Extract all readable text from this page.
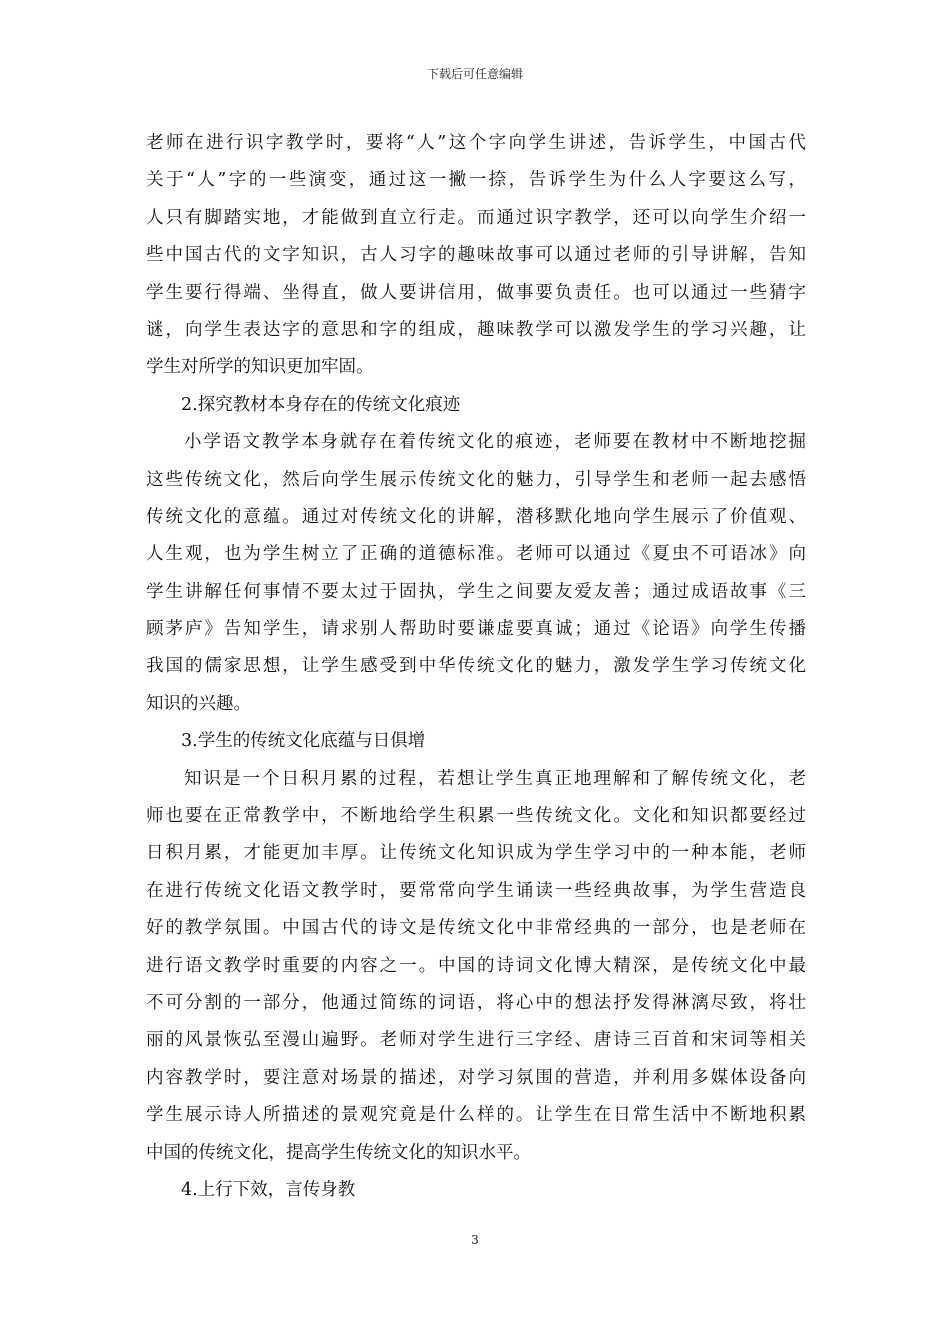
下载后可任意编辑
老师在进行识字教学时，要将“人”这个字向学生讲述，告诉学生，中国古代
关于“人”字的一些演变，通过这一撇一捺，告诉学生为什么人字要这么写，
人只有脚踏实地，才能做到直立行走。而通过识字教学，还可以向学生介绍一
些中国古代的文字知识，古人习字的趣味故事可以通过老师的引导讲解，告知
学生要行得端、坐得直，做人要讲信用，做事要负责任。也可以通过一些猜字
谜，向学生表达字的意思和字的组成，趣味教学可以激发学生的学习兴趣，让
学生对所学的知识更加牢固。
2.探究教材本身存在的传统文化痕迹
小学语文教学本身就存在着传统文化的痕迹，老师要在教材中不断地挖掘
这些传统文化，然后向学生展示传统文化的魅力，引导学生和老师一起去感悟
传统文化的意蕴。通过对传统文化的讲解，潜移默化地向学生展示了价值观、
人生观，也为学生树立了正确的道德标准。老师可以通过《夏虫不可语冰》向
学生讲解任何事情不要太过于固执，学生之间要友爱友善；通过成语故事《三
顾茅庐》告知学生，请求别人帮助时要谦虚要真诚；通过《论语》向学生传播
我国的儒家思想，让学生感受到中华传统文化的魅力，激发学生学习传统文化
知识的兴趣。
3.学生的传统文化底蕴与日俱增
知识是一个日积月累的过程，若想让学生真正地理解和了解传统文化，老
师也要在正常教学中，不断地给学生积累一些传统文化。文化和知识都要经过
日积月累，才能更加丰厚。让传统文化知识成为学生学习中的一种本能，老师
在进行传统文化语文教学时，要常常向学生诵读一些经典故事，为学生营造良
好的教学氛围。中国古代的诗文是传统文化中非常经典的一部分，也是老师在
进行语文教学时重要的内容之一。中国的诗词文化博大精深，是传统文化中最
不可分割的一部分，他通过简练的词语，将心中的想法抒发得淋漓尽致，将壮
丽的风景恢弘至漫山遍野。老师对学生进行三字经、唐诗三百首和宋词等相关
内容教学时，要注意对场景的描述，对学习氛围的营造，并利用多媒体设备向
学生展示诗人所描述的景观究竟是什么样的。让学生在日常生活中不断地积累
中国的传统文化，提高学生传统文化的知识水平。
4.上行下效，言传身教
3
